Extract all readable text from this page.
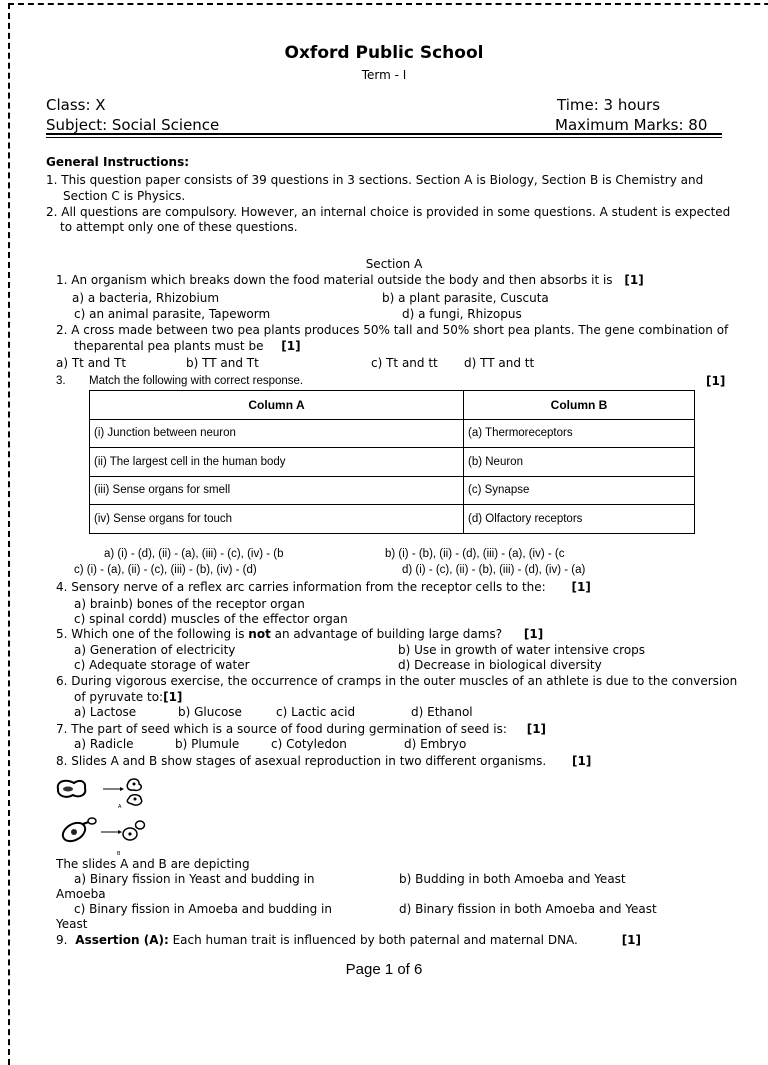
Oxford Public School
Term - I
Class: X	Time: 3 hours
Subject: Social Science	Maximum Marks: 80
General Instructions:
1. This question paper consists of 39 questions in 3 sections. Section A is Biology, Section B is Chemistry and
Section C is Physics.
2. All questions are compulsory. However, an internal choice is provided in some questions. A student is expected
to attempt only one of these questions.
Section A
1. An organism which breaks down the food material outside the body and then absorbs it is [1]
a) a bacteria, Rhizobium	b) a plant parasite, Cuscuta
c) an animal parasite, Tapeworm	d) a fungi, Rhizopus
2. A cross made between two pea plants produces 50% tall and 50% short pea plants. The gene combination of
theparental pea plants must be [1]
a) Tt and Tt	b) TT and Tt	c) Tt and tt d) TT and tt
3. Match the following with correct response.	[1]
Column A	Column B
(i) Junction between neuron	(a) Thermoreceptors
(ii) The largest cell in the human body	(b) Neuron
(iii) Sense organs for smell	(c) Synapse
(iv) Sense organs for touch	(d) Olfactory receptors
a) (i) - (d), (ii) - (a), (iii) - (c), (iv) - (b	b) (i) - (b), (ii) - (d), (iii) - (a), (iv) - (c
c) (i) - (a), (ii) - (c), (iii) - (b), (iv) - (d)	d) (i) - (c), (ii) - (b), (iii) - (d), (iv) - (a)
4. Sensory nerve of a reflex arc carries information from the receptor cells to the: [1]
a) brainb) bones of the receptor organ
c) spinal cordd) muscles of the effector organ
5. Which one of the following is not an advantage of building large dams? [1]
a) Generation of electricity	b) Use in growth of water intensive crops
c) Adequate storage of water	d) Decrease in biological diversity
6. During vigorous exercise, the occurrence of cramps in the outer muscles of an athlete is due to the conversion
of pyruvate to:[1]
a) Lactose	b) Glucose	c) Lactic acid	d) Ethanol
7. The part of seed which is a source of food during germination of seed is: [1]
a) Radicle	b) Plumule	c) Cotyledon	d) Embryo
8. Slides A and B show stages of asexual reproduction in two different organisms. [1]
A
B
The slides A and B are depicting
a) Binary fission in Yeast and budding in
Amoeba
b) Budding in both Amoeba and Yeast
c) Binary fission in Amoeba and budding in
Yeast
d) Binary fission in both Amoeba and Yeast
9. Assertion (A): Each human trait is influenced by both paternal and maternal DNA.	[1]
Page 1 of 6
